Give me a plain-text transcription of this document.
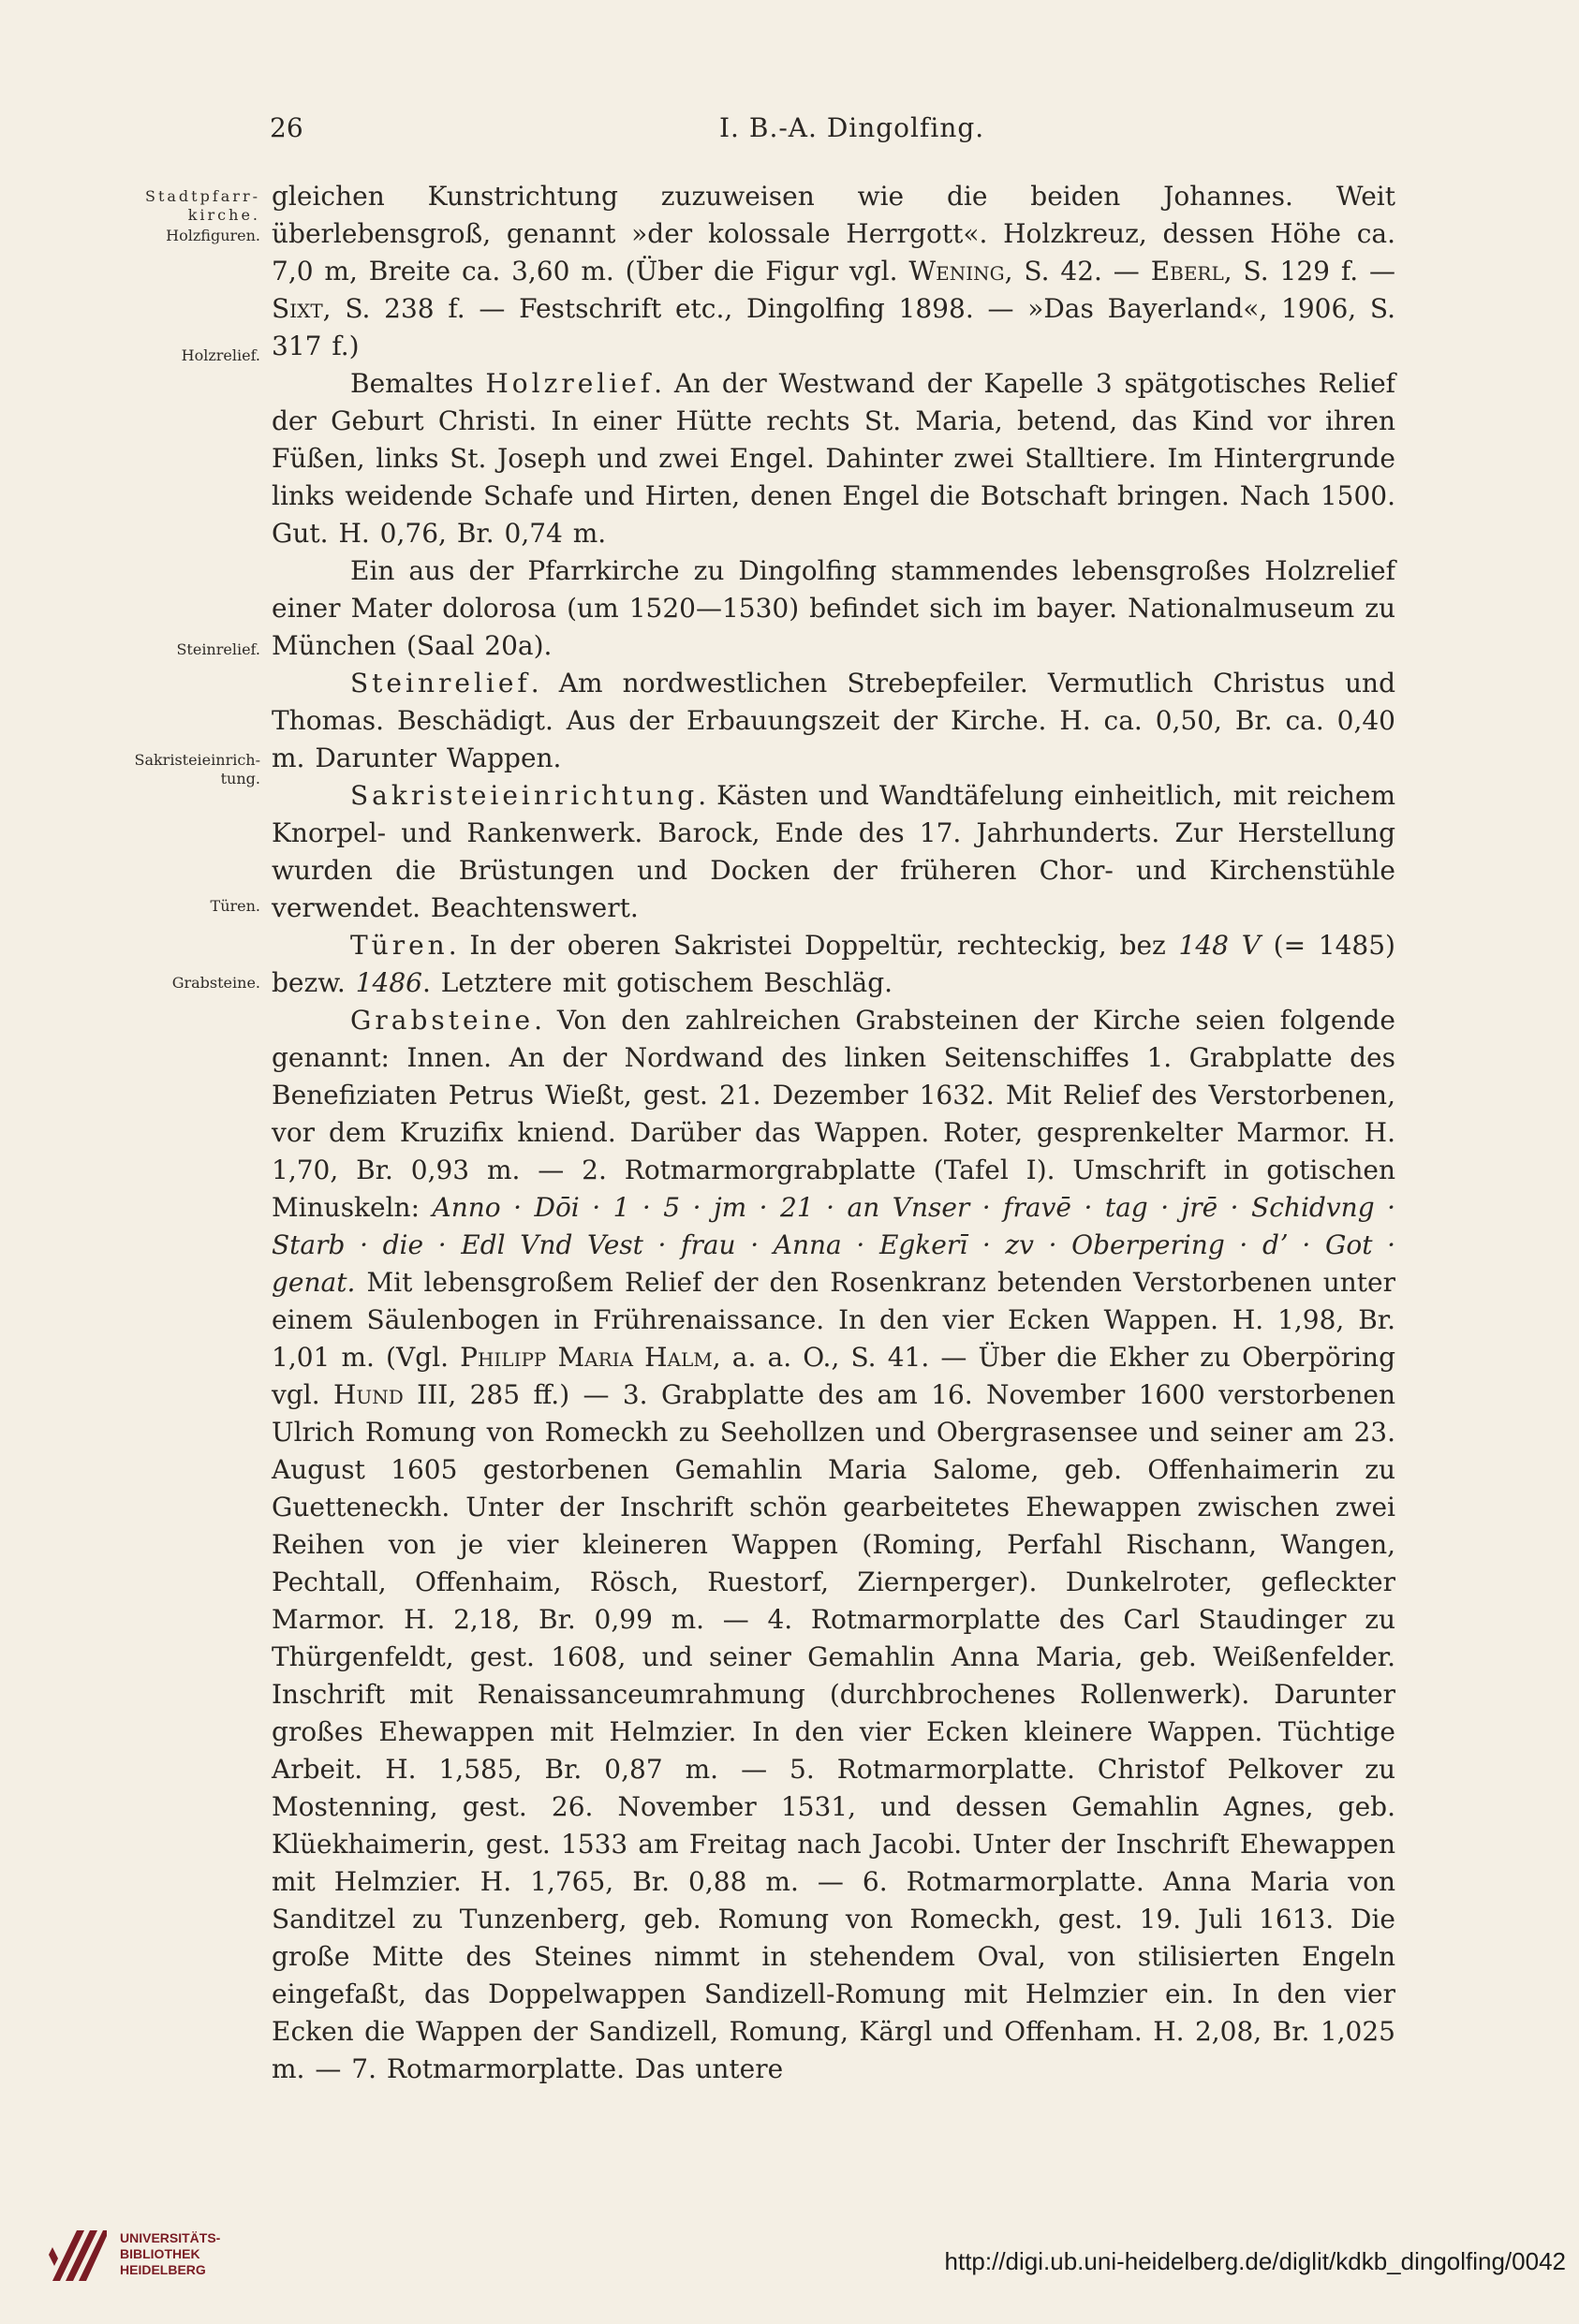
26	I. B.-A. Dingolfing.
Stadtpfarr-
kirche.
Holzfiguren.
Holzrelief.
Steinrelief.
Sakristeieinrich-
tung.
Türen.
Grabsteine.

gleichen Kunstrichtung zuzuweisen wie die beiden Johannes. Weit überlebensgroß, genannt »der kolossale Herrgott«. Holzkreuz, dessen Höhe ca. 7,0 m, Breite ca. 3,60 m. (Über die Figur vgl. Wening, S. 42. — Eberl, S. 129 f. — Sixt, S. 238 f. — Festschrift etc., Dingolfing 1898. — »Das Bayerland«, 1906, S. 317 f.)

Bemaltes Holzrelief. An der Westwand der Kapelle 3 spätgotisches Relief der Geburt Christi. In einer Hütte rechts St. Maria, betend, das Kind vor ihren Füßen, links St. Joseph und zwei Engel. Dahinter zwei Stalltiere. Im Hintergrunde links weidende Schafe und Hirten, denen Engel die Botschaft bringen. Nach 1500. Gut. H. 0,76, Br. 0,74 m.

Ein aus der Pfarrkirche zu Dingolfing stammendes lebensgroßes Holzrelief einer Mater dolorosa (um 1520—1530) befindet sich im bayer. Nationalmuseum zu München (Saal 20a).

Steinrelief. Am nordwestlichen Strebepfeiler. Vermutlich Christus und Thomas. Beschädigt. Aus der Erbauungszeit der Kirche. H. ca. 0,50, Br. ca. 0,40 m. Darunter Wappen.

Sakristeieinrichtung. Kästen und Wandtäfelung einheitlich, mit reichem Knorpel- und Rankenwerk. Barock, Ende des 17. Jahrhunderts. Zur Herstellung wurden die Brüstungen und Docken der früheren Chor- und Kirchenstühle verwendet. Beachtenswert.

Türen. In der oberen Sakristei Doppeltür, rechteckig, bez 148 V (= 1485) bezw. 1486. Letztere mit gotischem Beschläg.

Grabsteine. Von den zahlreichen Grabsteinen der Kirche seien folgende genannt: Innen. An der Nordwand des linken Seitenschiffes 1. Grabplatte des Benefiziaten Petrus Wießt, gest. 21. Dezember 1632. Mit Relief des Verstorbenen, vor dem Kruzifix kniend. Darüber das Wappen. Roter, gesprenkelter Marmor. H. 1,70, Br. 0,93 m. — 2. Rotmarmorgrabplatte (Tafel I). Umschrift in gotischen Minuskeln: Anno · Dōi · 1 · 5 · jm · 21 · an Vnser · fravē · tag · jrē · Schidvng · Starb · die · Edl Vnd Vest · frau · Anna · Egkerī · zv · Oberpering · dʼ · Got · genat. Mit lebensgroßem Relief der den Rosenkranz betenden Verstorbenen unter einem Säulenbogen in Frührenaissance. In den vier Ecken Wappen. H. 1,98, Br. 1,01 m. (Vgl. Philipp Maria Halm, a. a. O., S. 41. — Über die Ekher zu Oberpöring vgl. Hund III, 285 ff.) — 3. Grabplatte des am 16. November 1600 verstorbenen Ulrich Romung von Romeckh zu Seehollzen und Obergrasensee und seiner am 23. August 1605 gestorbenen Gemahlin Maria Salome, geb. Offenhaimerin zu Guetteneckh. Unter der Inschrift schön gearbeitetes Ehewappen zwischen zwei Reihen von je vier kleineren Wappen (Roming, Perfahl Rischann, Wangen, Pechtall, Offenhaim, Rösch, Ruestorf, Ziernperger). Dunkelroter, gefleckter Marmor. H. 2,18, Br. 0,99 m. — 4. Rotmarmorplatte des Carl Staudinger zu Thürgenfeldt, gest. 1608, und seiner Gemahlin Anna Maria, geb. Weißenfelder. Inschrift mit Renaissanceumrahmung (durchbrochenes Rollenwerk). Darunter großes Ehewappen mit Helmzier. In den vier Ecken kleinere Wappen. Tüchtige Arbeit. H. 1,585, Br. 0,87 m. — 5. Rotmarmorplatte. Christof Pelkover zu Mostenning, gest. 26. November 1531, und dessen Gemahlin Agnes, geb. Klüekhaimerin, gest. 1533 am Freitag nach Jacobi. Unter der Inschrift Ehewappen mit Helmzier. H. 1,765, Br. 0,88 m. — 6. Rotmarmorplatte. Anna Maria von Sanditzel zu Tunzenberg, geb. Romung von Romeckh, gest. 19. Juli 1613. Die große Mitte des Steines nimmt in stehendem Oval, von stilisierten Engeln eingefaßt, das Doppelwappen Sandizell-Romung mit Helmzier ein. In den vier Ecken die Wappen der Sandizell, Romung, Kärgl und Offenham. H. 2,08, Br. 1,025 m. — 7. Rotmarmorplatte. Das untere

UNIVERSITÄTS-
BIBLIOTHEK
HEIDELBERG	http://digi.ub.uni-heidelberg.de/diglit/kdkb_dingolfing/0042
